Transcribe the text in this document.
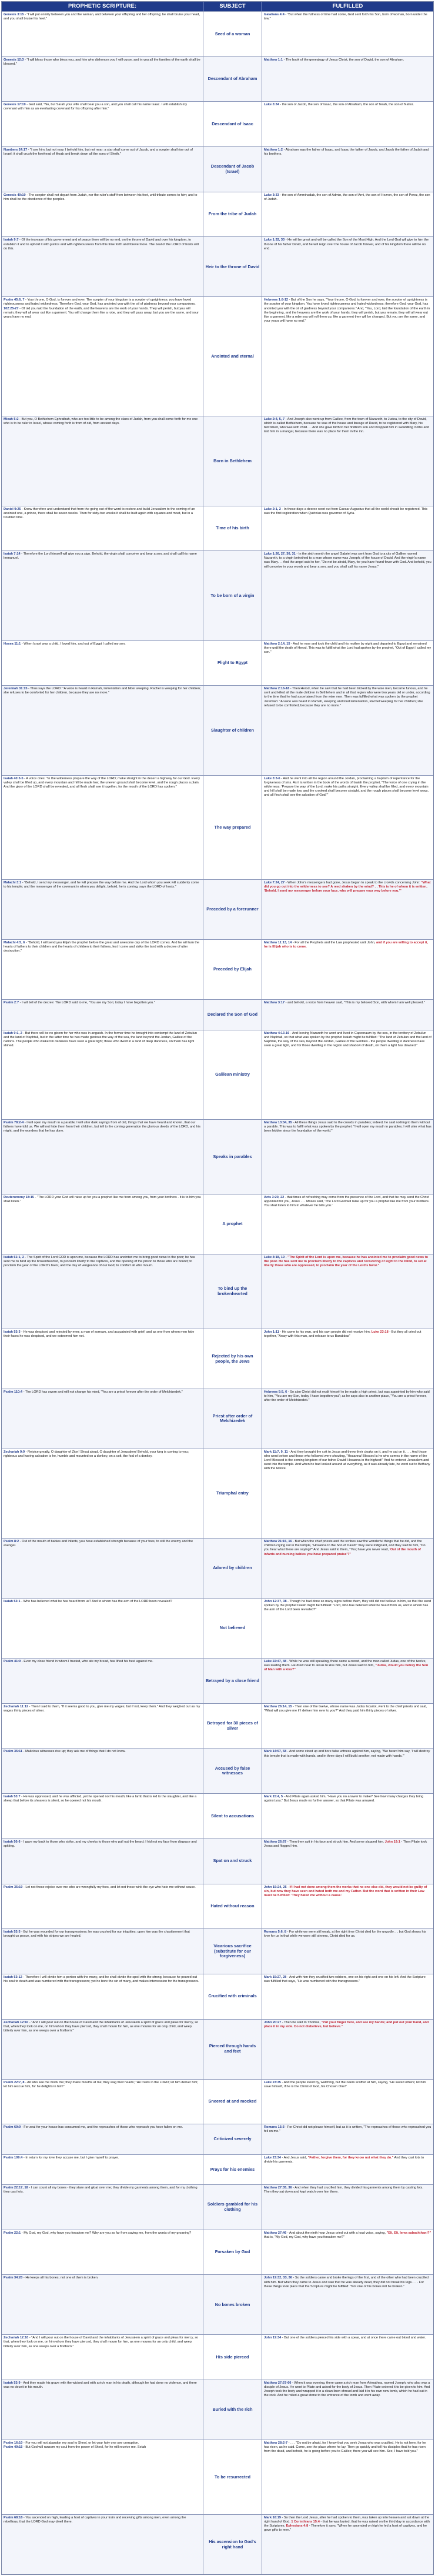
PROPHETIC SCRIPTURE:	SUBJECT	FULFILLED
Genesis 3:15 - "I will put enmity between you and the woman, and between your offspring and her offspring; he shall bruise your head, and you shall bruise his heel."
Seed of a woman
Galatians 4:4 - "But when the fullness of time had come, God sent forth his Son, born of woman, born under the law."
Genesis 12:3 - "I will bless those who bless you, and him who dishonors you I will curse, and in you all the families of the earth shall be blessed."
Descendant of Abraham
Matthew 1:1 - The book of the genealogy of Jesus Christ, the son of David, the son of Abraham.
Genesis 17:19 - God said, "No, but Sarah your wife shall bear you a son, and you shall call his name Isaac. I will establish my covenant with him as an everlasting covenant for his offspring after him."
Descendant of Isaac
Luke 3:34 - the son of Jacob, the son of Isaac, the son of Abraham, the son of Terah, the son of Nahor.
Numbers 24:17 - "I see him, but not now; I behold him, but not near: a star shall come out of Jacob, and a scepter shall rise out of Israel; it shall crush the forehead of Moab and break down all the sons of Sheth."
Descendant of Jacob (Israel)
Matthew 1:2 - Abraham was the father of Isaac, and Isaac the father of Jacob, and Jacob the father of Judah and his brothers.
Genesis 49:10 - The scepter shall not depart from Judah, nor the ruler's staff from between his feet, until tribute comes to him; and to him shall be the obedience of the peoples.
From the tribe of Judah
Luke 3:33 - the son of Amminadab, the son of Admin, the son of Arni, the son of Hezron, the son of Perez, the son of Judah.
Isaiah 9:7 - Of the increase of his government and of peace there will be no end, on the throne of David and over his kingdom, to establish it and to uphold it with justice and with righteousness from this time forth and forevermore. The zeal of the LORD of hosts will do this.
Heir to the throne of David
Luke 1:32, 33 - He will be great and will be called the Son of the Most High. And the Lord God will give to him the throne of his father David, and he will reign over the house of Jacob forever, and of his kingdom there will be no end.
Psalm 45:6, 7 - Your throne, O God, is forever and ever. The scepter of your kingdom is a scepter of uprightness; you have loved righteousness and hated wickedness. Therefore God, your God, has anointed you with the oil of gladness beyond your companions.
102:25-27 - Of old you laid the foundation of the earth, and the heavens are the work of your hands. They will perish, but you will remain; they will all wear out like a garment. You will change them like a robe, and they will pass away, but you are the same, and your years have no end.
Anointed and eternal
Hebrews 1:8-12 - But of the Son he says, "Your throne, O God, is forever and ever, the scepter of uprightness is the scepter of your kingdom. You have loved righteousness and hated wickedness; therefore God, your God, has anointed you with the oil of gladness beyond your companions." And, "You, Lord, laid the foundation of the earth in the beginning, and the heavens are the work of your hands; they will perish, but you remain; they will all wear out like a garment, like a robe you will roll them up, like a garment they will be changed. But you are the same, and your years will have no end."
Micah 5:2 - But you, O Bethlehem Ephrathah, who are too little to be among the clans of Judah, from you shall come forth for me one who is to be ruler in Israel, whose coming forth is from of old, from ancient days.
Born in Bethlehem
Luke 2:4, 5, 7 - And Joseph also went up from Galilee, from the town of Nazareth, to Judea, to the city of David, which is called Bethlehem, because he was of the house and lineage of David, to be registered with Mary, his betrothed, who was with child. . . And she gave birth to her firstborn son and wrapped him in swaddling cloths and laid him in a manger, because there was no place for them in the inn.
Daniel 9:25 - Know therefore and understand that from the going out of the word to restore and build Jerusalem to the coming of an anointed one, a prince, there shall be seven weeks. Then for sixty-two weeks it shall be built again with squares and moat, but in a troubled time.
Time of his birth
Luke 2:1, 2 - In those days a decree went out from Caesar Augustus that all the world should be registered. This was the first registration when Quirinius was governor of Syria.
Isaiah 7:14 - Therefore the Lord himself will give you a sign. Behold, the virgin shall conceive and bear a son, and shall call his name Immanuel.
To be born of a virgin
Luke 1:26, 27, 30, 31 - In the sixth month the angel Gabriel was sent from God to a city of Galilee named Nazareth, to a virgin betrothed to a man whose name was Joseph, of the house of David. And the virgin's name was Mary. . . And the angel said to her, "Do not be afraid, Mary, for you have found favor with God. And behold, you will conceive in your womb and bear a son, and you shall call his name Jesus."
Hosea 11:1 - When Israel was a child, I loved him, and out of Egypt I called my son.
Flight to Egypt
Matthew 2:14, 15 - And he rose and took the child and his mother by night and departed to Egypt and remained there until the death of Herod. This was to fulfill what the Lord had spoken by the prophet, "Out of Egypt I called my son."
Jeremiah 31:15 - Thus says the LORD: "A voice is heard in Ramah, lamentation and bitter weeping. Rachel is weeping for her children; she refuses to be comforted for her children, because they are no more."
Slaughter of children
Matthew 2:16-18 - Then Herod, when he saw that he had been tricked by the wise men, became furious, and he sent and killed all the male children in Bethlehem and in all that region who were two years old or under, according to the time that he had ascertained from the wise men. Then was fulfilled what was spoken by the prophet Jeremiah: "A voice was heard in Ramah, weeping and loud lamentation, Rachel weeping for her children; she refused to be comforted, because they are no more."
Isaiah 40:3-5 - A voice cries: "In the wilderness prepare the way of the LORD; make straight in the desert a highway for our God. Every valley shall be lifted up, and every mountain and hill be made low; the uneven ground shall become level, and the rough places a plain. And the glory of the LORD shall be revealed, and all flesh shall see it together, for the mouth of the LORD has spoken."
The way prepared
Luke 3:3-6 - And he went into all the region around the Jordan, proclaiming a baptism of repentance for the forgiveness of sins. As it is written in the book of the words of Isaiah the prophet, "The voice of one crying in the wilderness: 'Prepare the way of the Lord, make his paths straight. Every valley shall be filled, and every mountain and hill shall be made low, and the crooked shall become straight, and the rough places shall become level ways, and all flesh shall see the salvation of God.'"
Malachi 3:1 - "Behold, I send my messenger, and he will prepare the way before me. And the Lord whom you seek will suddenly come to his temple; and the messenger of the covenant in whom you delight, behold, he is coming, says the LORD of hosts."
Preceded by a forerunner
Luke 7:24, 27 - When John's messengers had gone, Jesus began to speak to the crowds concerning John: "What did you go out into the wilderness to see? A reed shaken by the wind? . . This is he of whom it is written, 'Behold, I send my messenger before your face, who will prepare your way before you.'"
Malachi 4:5, 6 - "Behold, I will send you Elijah the prophet before the great and awesome day of the LORD comes. And he will turn the hearts of fathers to their children and the hearts of children to their fathers, lest I come and strike the land with a decree of utter destruction."
Preceded by Elijah
Matthew 11:13, 14 - For all the Prophets and the Law prophesied until John, and if you are willing to accept it, he is Elijah who is to come.
Psalm 2:7 - I will tell of the decree: The LORD said to me, "You are my Son; today I have begotten you."
Declared the Son of God
Matthew 3:17 - and behold, a voice from heaven said, "This is my beloved Son, with whom I am well pleased."
Isaiah 9:1, 2 - But there will be no gloom for her who was in anguish. In the former time he brought into contempt the land of Zebulun and the land of Naphtali, but in the latter time he has made glorious the way of the sea, the land beyond the Jordan, Galilee of the nations. The people who walked in darkness have seen a great light; those who dwelt in a land of deep darkness, on them has light shined.
Galilean ministry
Matthew 4:13-16 - And leaving Nazareth he went and lived in Capernaum by the sea, in the territory of Zebulun and Naphtali, so that what was spoken by the prophet Isaiah might be fulfilled: "The land of Zebulun and the land of Naphtali, the way of the sea, beyond the Jordan, Galilee of the Gentiles - the people dwelling in darkness have seen a great light, and for those dwelling in the region and shadow of death, on them a light has dawned."
Psalm 78:2-4 - I will open my mouth in a parable; I will utter dark sayings from of old, things that we have heard and known, that our fathers have told us. We will not hide them from their children, but tell to the coming generation the glorious deeds of the LORD, and his might, and the wonders that he has done.
Speaks in parables
Matthew 13:34, 35 - All these things Jesus said to the crowds in parables; indeed, he said nothing to them without a parable. This was to fulfill what was spoken by the prophet: "I will open my mouth in parables; I will utter what has been hidden since the foundation of the world."
Deuteronomy 18:15 - "The LORD your God will raise up for you a prophet like me from among you, from your brothers - it is to him you shall listen."
A prophet
Acts 3:20, 22 - that times of refreshing may come from the presence of the Lord, and that he may send the Christ appointed for you, Jesus . . . Moses said, 'The Lord God will raise up for you a prophet like me from your brothers. You shall listen to him in whatever he tells you.'
Isaiah 61:1, 2 - The Spirit of the Lord GOD is upon me, because the LORD has anointed me to bring good news to the poor; he has sent me to bind up the brokenhearted, to proclaim liberty to the captives, and the opening of the prison to those who are bound; to proclaim the year of the LORD's favor, and the day of vengeance of our God; to comfort all who mourn.
To bind up the brokenhearted
Luke 4:18, 19 - "The Spirit of the Lord is upon me, because he has anointed me to proclaim good news to the poor. He has sent me to proclaim liberty to the captives and recovering of sight to the blind, to set at liberty those who are oppressed, to proclaim the year of the Lord's favor."
Isaiah 53:3 - He was despised and rejected by men; a man of sorrows, and acquainted with grief; and as one from whom men hide their faces he was despised, and we esteemed him not.
Rejected by his own people, the Jews
John 1:11 - He came to his own, and his own people did not receive him. Luke 23:18 - But they all cried out together, "Away with this man, and release to us Barabbas"
Psalm 110:4 - The LORD has sworn and will not change his mind, "You are a priest forever after the order of Melchizedek."
Priest after order of Melchizedek
Hebrews 5:5, 6 - So also Christ did not exalt himself to be made a high priest, but was appointed by him who said to him, "You are my Son, today I have begotten you"; as he says also in another place, "You are a priest forever, after the order of Melchizedek."
Zechariah 9:9 - Rejoice greatly, O daughter of Zion! Shout aloud, O daughter of Jerusalem! Behold, your king is coming to you; righteous and having salvation is he, humble and mounted on a donkey, on a colt, the foal of a donkey.
Triumphal entry
Mark 11:7, 9, 11 - And they brought the colt to Jesus and threw their cloaks on it, and he sat on it. . . . And those who went before and those who followed were shouting, "Hosanna! Blessed is he who comes in the name of the Lord! Blessed is the coming kingdom of our father David! Hosanna in the highest!" And he entered Jerusalem and went into the temple. And when he had looked around at everything, as it was already late, he went out to Bethany with the twelve.
Psalm 8:2 - Out of the mouth of babies and infants, you have established strength because of your foes, to still the enemy and the avenger.
Adored by children
Matthew 21:15, 16 - But when the chief priests and the scribes saw the wonderful things that he did, and the children crying out in the temple, "Hosanna to the Son of David!" they were indignant, and they said to him, "Do you hear what these are saying?" And Jesus said to them, "Yes; have you never read, 'Out of the mouth of infants and nursing babies you have prepared praise'?"
Isaiah 53:1 - Who has believed what he has heard from us? And to whom has the arm of the LORD been revealed?
Not believed
John 12:37, 38 - Though he had done so many signs before them, they still did not believe in him, so that the word spoken by the prophet Isaiah might be fulfilled: "Lord, who has believed what he heard from us, and to whom has the arm of the Lord been revealed?"
Psalm 41:9 - Even my close friend in whom I trusted, who ate my bread, has lifted his heel against me.
Betrayed by a close friend
Luke 22:47, 48 - While he was still speaking, there came a crowd, and the man called Judas, one of the twelve, was leading them. He drew near to Jesus to kiss him, but Jesus said to him, "Judas, would you betray the Son of Man with a kiss?"
Zechariah 11:12 - Then I said to them, "If it seems good to you, give me my wages; but if not, keep them." And they weighed out as my wages thirty pieces of silver.
Betrayed for 30 pieces of silver
Matthew 26:14, 15 - Then one of the twelve, whose name was Judas Iscariot, went to the chief priests and said, "What will you give me if I deliver him over to you?" And they paid him thirty pieces of silver.
Psalm 35:11 - Malicious witnesses rise up; they ask me of things that I do not know.
Accused by false witnesses
Mark 14:57, 58 - And some stood up and bore false witness against him, saying, "We heard him say, 'I will destroy this temple that is made with hands, and in three days I will build another, not made with hands.'"
Isaiah 53:7 - He was oppressed, and he was afflicted, yet he opened not his mouth; like a lamb that is led to the slaughter, and like a sheep that before its shearers is silent, so he opened not his mouth.
Silent to accusations
Mark 15:4, 5 - And Pilate again asked him, "Have you no answer to make? See how many charges they bring against you." But Jesus made no further answer, so that Pilate was amazed.
Isaiah 50:6 - I gave my back to those who strike, and my cheeks to those who pull out the beard; I hid not my face from disgrace and spitting.
Spat on and struck
Matthew 26:67 - Then they spit in his face and struck him. And some slapped him. John 19:1 - Then Pilate took Jesus and flogged him.
Psalm 35:19 - Let not those rejoice over me who are wrongfully my foes, and let not those wink the eye who hate me without cause.
Hated without reason
John 15:24, 25 - If I had not done among them the works that no one else did, they would not be guilty of sin, but now they have seen and hated both me and my Father. But the word that is written in their Law must be fulfilled: 'They hated me without a cause.'
Isaiah 53:5 - But he was wounded for our transgressions; he was crushed for our iniquities; upon him was the chastisement that brought us peace, and with his stripes we are healed.
Vicarious sacrifice (substitute for our forgiveness)
Romans 5:6, 8 - For while we were still weak, at the right time Christ died for the ungodly. . . but God shows his love for us in that while we were still sinners, Christ died for us.
Isaiah 53:12 - Therefore I will divide him a portion with the many, and he shall divide the spoil with the strong, because he poured out his soul to death and was numbered with the transgressors; yet he bore the sin of many, and makes intercession for the transgressors.
Crucified with criminals
Mark 15:27, 28 - And with him they crucified two robbers, one on his right and one on his left. And the Scripture was fulfilled that says, "He was numbered with the transgressors."
Zechariah 12:10 - "And I will pour out on the house of David and the inhabitants of Jerusalem a spirit of grace and pleas for mercy, so that, when they look on me, on him whom they have pierced, they shall mourn for him, as one mourns for an only child, and weep bitterly over him, as one weeps over a firstborn."
Pierced through hands and feet
John 20:27 - Then he said to Thomas, "Put your finger here, and see my hands; and put out your hand, and place it in my side. Do not disbelieve, but believe."
Psalm 22:7, 8 - All who see me mock me; they make mouths at me; they wag their heads; "He trusts in the LORD; let him deliver him; let him rescue him, for he delights in him!"
Sneered at and mocked
Luke 23:35 - And the people stood by, watching, but the rulers scoffed at him, saying, "He saved others; let him save himself, if he is the Christ of God, his Chosen One!"
Psalm 69:9 - For zeal for your house has consumed me, and the reproaches of those who reproach you have fallen on me.
Criticized severely
Romans 15:3 - For Christ did not please himself, but as it is written, "The reproaches of those who reproached you fell on me."
Psalm 109:4 - In return for my love they accuse me, but I give myself to prayer.
Prays for his enemies
Luke 23:34 - And Jesus said, "Father, forgive them, for they know not what they do." And they cast lots to divide his garments.
Psalm 22:17, 18 - I can count all my bones - they stare and gloat over me; they divide my garments among them, and for my clothing they cast lots.
Soldiers gambled for his clothing
Matthew 27:35, 36 - And when they had crucified him, they divided his garments among them by casting lots. Then they sat down and kept watch over him there.
Psalm 22:1 - My God, my God, why have you forsaken me? Why are you so far from saving me, from the words of my groaning?
Forsaken by God
Matthew 27:46 - And about the ninth hour Jesus cried out with a loud voice, saying, "Eli, Eli, lema sabachthani?" that is, "My God, my God, why have you forsaken me?"
Psalm 34:20 - He keeps all his bones; not one of them is broken.
No bones broken
John 19:32, 33, 36 - So the soldiers came and broke the legs of the first, and of the other who had been crucified with him. But when they came to Jesus and saw that he was already dead, they did not break his legs. . . . For these things took place that the Scripture might be fulfilled: "Not one of his bones will be broken."
Zechariah 12:10 - "And I will pour out on the house of David and the inhabitants of Jerusalem a spirit of grace and pleas for mercy, so that, when they look on me, on him whom they have pierced, they shall mourn for him, as one mourns for an only child, and weep bitterly over him, as one weeps over a firstborn."
His side pierced
John 19:34 - But one of the soldiers pierced his side with a spear, and at once there came out blood and water.
Isaiah 53:9 - And they made his grave with the wicked and with a rich man in his death, although he had done no violence, and there was no deceit in his mouth.
Buried with the rich
Matthew 27:57-60 - When it was evening, there came a rich man from Arimathea, named Joseph, who also was a disciple of Jesus. He went to Pilate and asked for the body of Jesus. Then Pilate ordered it to be given to him. And Joseph took the body and wrapped it in a clean linen shroud and laid it in his own new tomb, which he had cut in the rock. And he rolled a great stone to the entrance of the tomb and went away.
Psalm 16:10 - For you will not abandon my soul to Sheol, or let your holy one see corruption.
Psalm 49:15 - But God will ransom my soul from the power of Sheol, for he will receive me. Selah
To be resurrected
Matthew 28:2-7 - . . . "Do not be afraid, for I know that you seek Jesus who was crucified. He is not here, for he has risen, as he said. Come, see the place where he lay. Then go quickly and tell his disciples that he has risen from the dead, and behold, he is going before you to Galilee; there you will see him. See, I have told you."
Psalm 68:18 - You ascended on high, leading a host of captives in your train and receiving gifts among men, even among the rebellious, that the LORD God may dwell there.
His ascension to God's right hand
Mark 16:19 - So then the Lord Jesus, after he had spoken to them, was taken up into heaven and sat down at the right hand of God. 1 Corinthians 15:4 - that he was buried, that he was raised on the third day in accordance with the Scriptures. Ephesians 4:8 - Therefore it says, "When he ascended on high he led a host of captives, and he gave gifts to men."
